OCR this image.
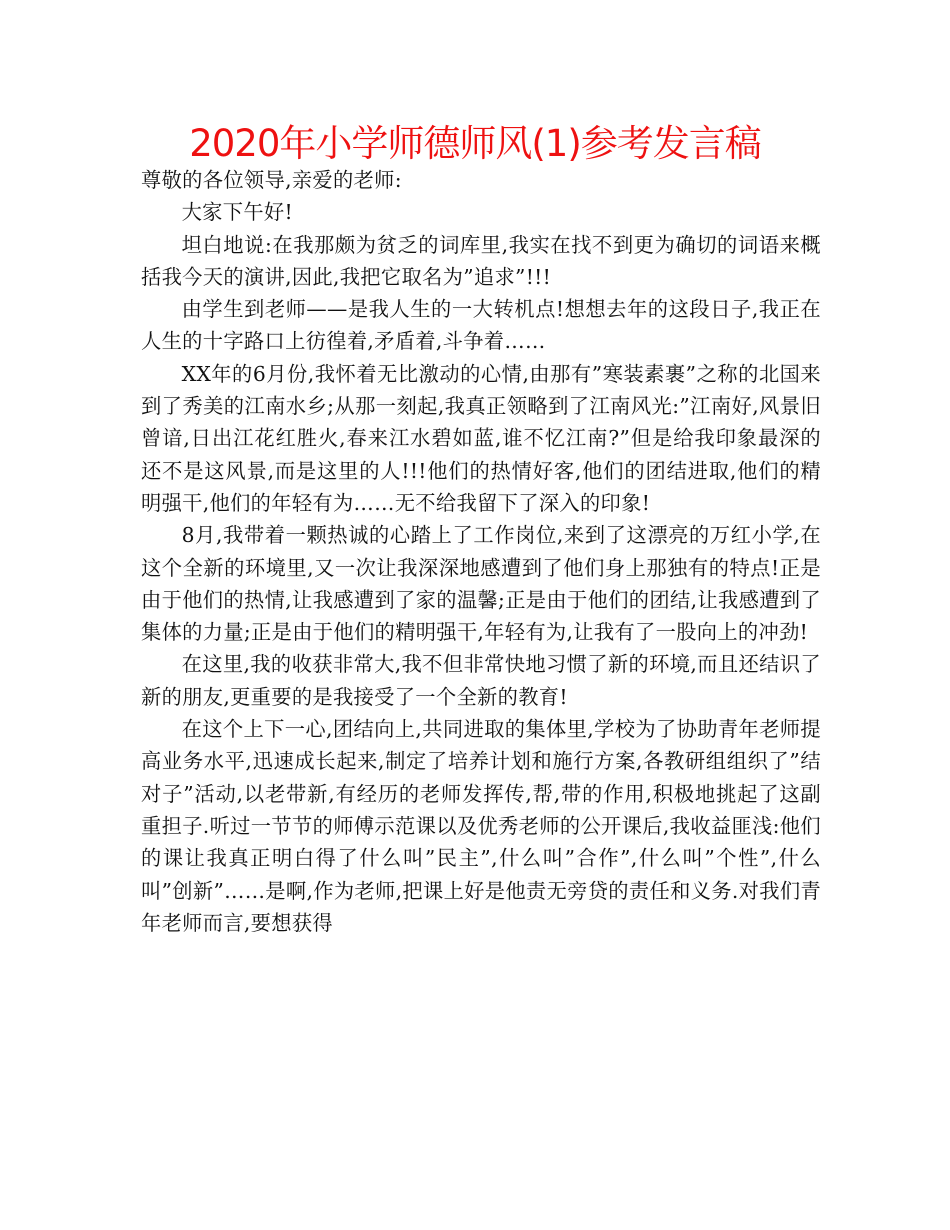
2020年小学师德师风(1)参考发言稿

尊敬的各位领导,亲爱的老师:

大家下午好!

坦白地说:在我那颇为贫乏的词库里,我实在找不到更为确切的词语来概括我今天的演讲,因此,我把它取名为”追求”!!!

由学生到老师——是我人生的一大转机点!想想去年的这段日子,我正在人生的十字路口上彷徨着,矛盾着,斗争着……

XX年的6月份,我怀着无比激动的心情,由那有”寒装素裹”之称的北国来到了秀美的江南水乡;从那一刻起,我真正领略到了江南风光:”江南好,风景旧曾谙,日出江花红胜火,春来江水碧如蓝,谁不忆江南?”但是给我印象最深的还不是这风景,而是这里的人!!!他们的热情好客,他们的团结进取,他们的精明强干,他们的年轻有为……无不给我留下了深入的印象!

8月,我带着一颗热诚的心踏上了工作岗位,来到了这漂亮的万红小学,在这个全新的环境里,又一次让我深深地感遭到了他们身上那独有的特点!正是由于他们的热情,让我感遭到了家的温馨;正是由于他们的团结,让我感遭到了集体的力量;正是由于他们的精明强干,年轻有为,让我有了一股向上的冲劲!

在这里,我的收获非常大,我不但非常快地习惯了新的环境,而且还结识了新的朋友,更重要的是我接受了一个全新的教育!

在这个上下一心,团结向上,共同进取的集体里,学校为了协助青年老师提高业务水平,迅速成长起来,制定了培养计划和施行方案,各教研组组织了”结对子”活动,以老带新,有经历的老师发挥传,帮,带的作用,积极地挑起了这副重担子.听过一节节的师傅示范课以及优秀老师的公开课后,我收益匪浅:他们的课让我真正明白得了什么叫”民主”,什么叫”合作”,什么叫”个性”,什么叫”创新”……是啊,作为老师,把课上好是他责无旁贷的责任和义务.对我们青年老师而言,要想获得
